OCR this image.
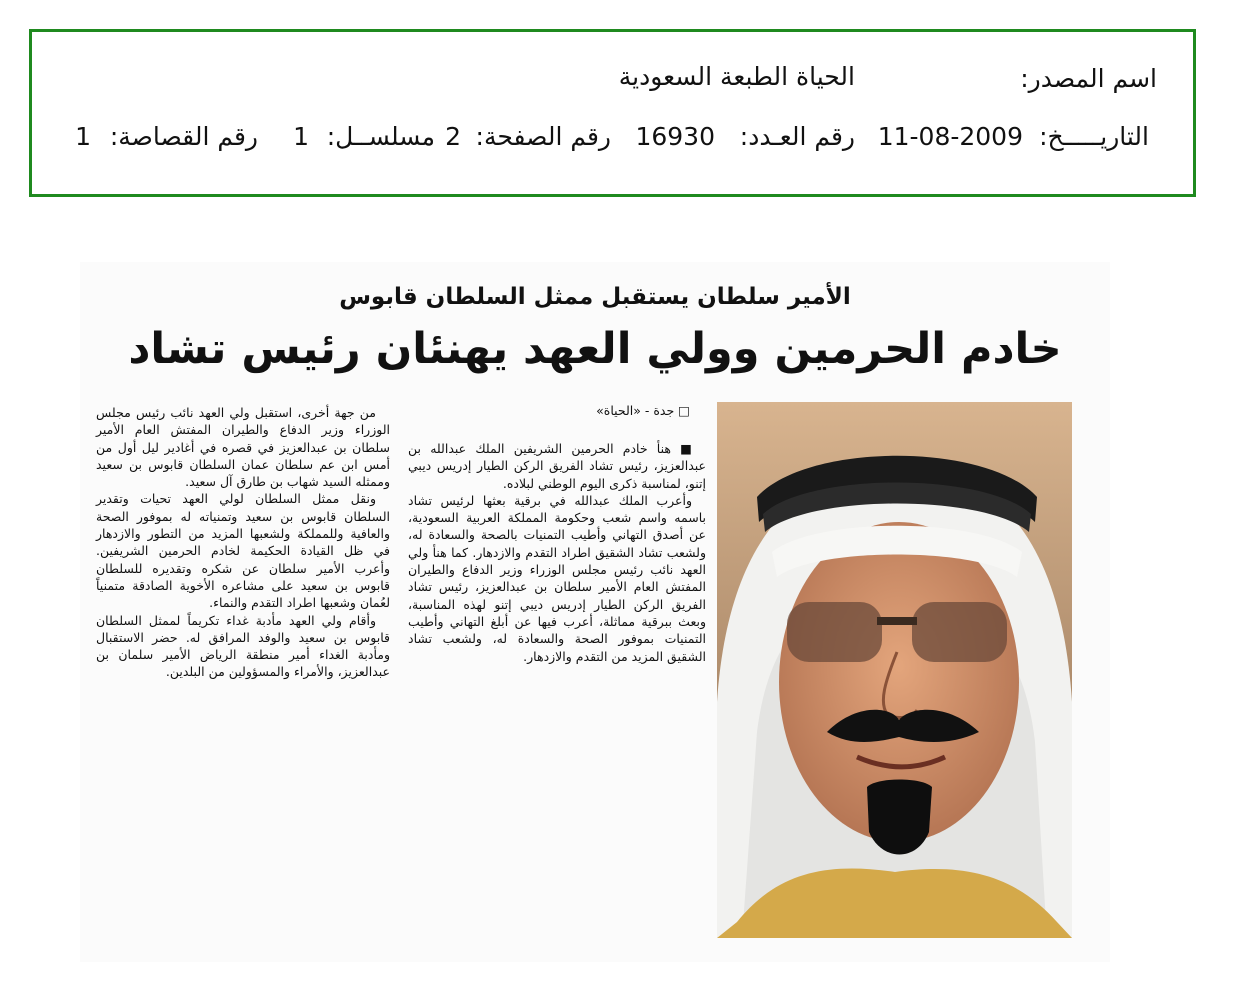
اسم المصدر:
الحياة الطبعة السعودية
التاريـــــخ:
11-08-2009
رقم العـدد:
16930
رقم الصفحة:
2
مسلســل:
1
رقم القصاصة:
1
الأمير سلطان يستقبل ممثل السلطان قابوس
خادم الحرمين وولي العهد يهنئان رئيس تشاد
□ جدة - «الحياة»

■ هنأ خادم الحرمين الشريفين الملك عبدالله بن عبدالعزيز، رئيس تشاد الفريق الركن الطيار إدريس ديبي إتنو، لمناسبة ذكرى اليوم الوطني لبلاده.

وأعرب الملك عبدالله في برقية بعثها لرئيس تشاد باسمه واسم شعب وحكومة المملكة العربية السعودية، عن أصدق التهاني وأطيب التمنيات بالصحة والسعادة له، ولشعب تشاد الشقيق اطراد التقدم والازدهار. كما هنأ ولي العهد نائب رئيس مجلس الوزراء وزير الدفاع والطيران المفتش العام الأمير سلطان بن عبدالعزيز، رئيس تشاد الفريق الركن الطيار إدريس ديبي إتنو لهذه المناسبة، وبعث ببرقية مماثلة، أعرب فيها عن أبلغ التهاني وأطيب التمنيات بموفور الصحة والسعادة له، ولشعب تشاد الشقيق المزيد من التقدم والازدهار.

من جهة أخرى، استقبل ولي العهد نائب رئيس مجلس الوزراء وزير الدفاع والطيران المفتش العام الأمير سلطان بن عبدالعزيز في قصره في أغادير ليل أول من أمس ابن عم سلطان عمان السلطان قابوس بن سعيد وممثله السيد شهاب بن طارق آل سعيد.

ونقل ممثل السلطان لولي العهد تحيات وتقدير السلطان قابوس بن سعيد وتمنياته له بموفور الصحة والعافية وللمملكة ولشعبها المزيد من التطور والازدهار في ظل القيادة الحكيمة لخادم الحرمين الشريفين. وأعرب الأمير سلطان عن شكره وتقديره للسلطان قابوس بن سعيد على مشاعره الأخوية الصادقة متمنياً لعُمان وشعبها اطراد التقدم والنماء.

وأقام ولي العهد مأدبة غداء تكريماً لممثل السلطان قابوس بن سعيد والوفد المرافق له. حضر الاستقبال ومأدبة الغداء أمير منطقة الرياض الأمير سلمان بن عبدالعزيز، والأمراء والمسؤولين من البلدين.
